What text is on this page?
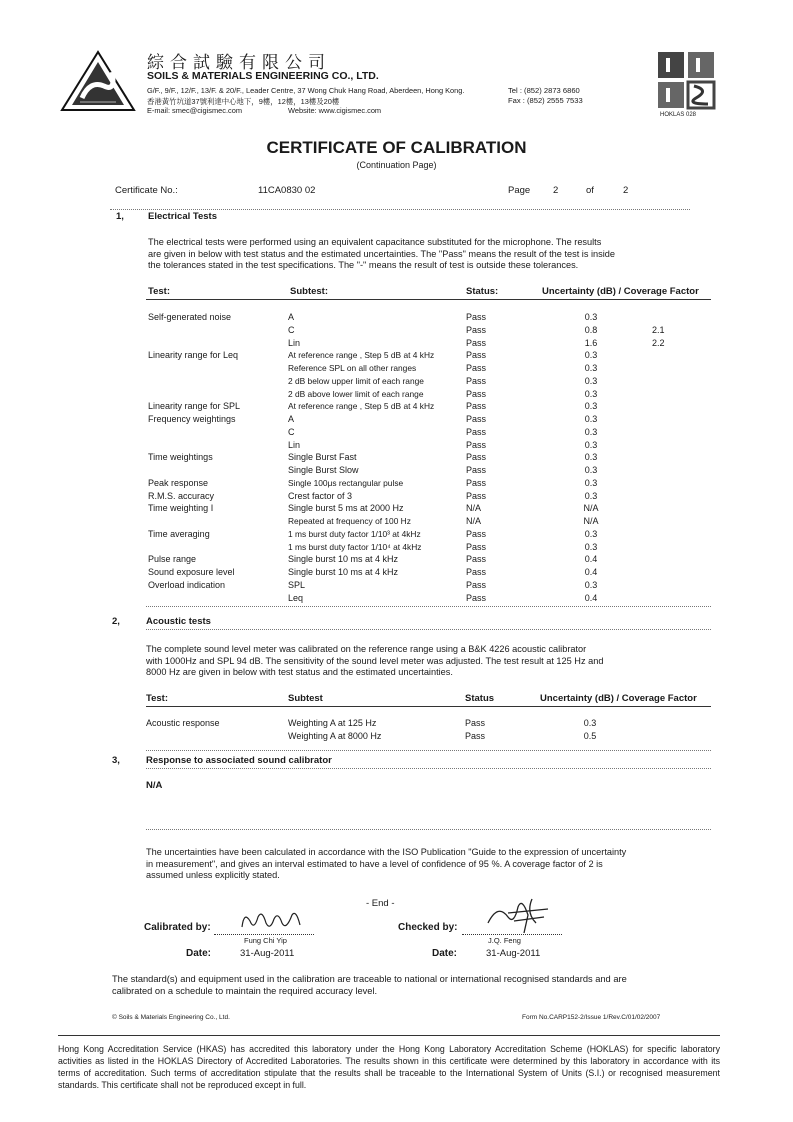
綜合試驗有限公司
SOILS & MATERIALS ENGINEERING CO., LTD.
G/F., 9/F., 12/F., 13/F. & 20/F., Leader Centre, 37 Wong Chuk Hang Road, Aberdeen, Hong Kong.
香港黃竹坑道37號利達中心地下，9樓，12樓，13樓及20樓
E-mail: smec@cigismec.com	Website: www.cigismec.com
Tel : (852) 2873 6860
Fax : (852) 2555 7533
HOKLAS 028
CERTIFICATE OF CALIBRATION
(Continuation Page)
Certificate No.:	11CA0830 02	Page 2	of	2
1,	Electrical Tests
The electrical tests were performed using an equivalent capacitance substituted for the microphone. The results
are given in below with test status and the estimated uncertainties. The "Pass" means the result of the test is inside
the tolerances stated in the test specifications. The "-" means the result of test is outside these tolerances.
Test:	Subtest:	Status:	Uncertainty (dB) / Coverage Factor
Self-generated noise	A	Pass	0.3
C	Pass	0.8	2.1
Lin	Pass	1.6	2.2
Linearity range for Leq	At reference range , Step 5 dB at 4 kHz	Pass	0.3
Reference SPL on all other ranges	Pass	0.3
2 dB below upper limit of each range	Pass	0.3
2 dB above lower limit of each range	Pass	0.3
Linearity range for SPL	At reference range , Step 5 dB at 4 kHz	Pass	0.3
Frequency weightings	A	Pass	0.3
C	Pass	0.3
Lin	Pass	0.3
Time weightings	Single Burst Fast	Pass	0.3
Single Burst Slow	Pass	0.3
Peak response	Single 100μs rectangular pulse	Pass	0.3
R.M.S. accuracy	Crest factor of 3	Pass	0.3
Time weighting I	Single burst 5 ms at 2000 Hz	N/A	N/A
Repeated at frequency of 100 Hz	N/A	N/A
Time averaging	1 ms burst duty factor 1/10³ at 4kHz	Pass	0.3
1 ms burst duty factor 1/10⁴ at 4kHz	Pass	0.3
Pulse range	Single burst 10 ms at 4 kHz	Pass	0.4
Sound exposure level	Single burst 10 ms at 4 kHz	Pass	0.4
Overload indication	SPL	Pass	0.3
Leq	Pass	0.4
2,	Acoustic tests
The complete sound level meter was calibrated on the reference range using a B&K 4226 acoustic calibrator
with 1000Hz and SPL 94 dB. The sensitivity of the sound level meter was adjusted. The test result at 125 Hz and
8000 Hz are given in below with test status and the estimated uncertainties.
Test:	Subtest	Status	Uncertainty (dB) / Coverage Factor
Acoustic response	Weighting A at 125 Hz	Pass	0.3
Weighting A at 8000 Hz	Pass	0.5
3,	Response to associated sound calibrator
N/A
The uncertainties have been calculated in accordance with the ISO Publication "Guide to the expression of uncertainty
in measurement", and gives an interval estimated to have a level of confidence of 95 %. A coverage factor of 2 is
assumed unless explicitly stated.
- End -
Calibrated by:
Fung Chi Yip
Date:	31-Aug-2011
Checked by:
J.Q. Feng
Date:	31-Aug-2011
The standard(s) and equipment used in the calibration are traceable to national or international recognised standards and are
calibrated on a schedule to maintain the required accuracy level.
© Soils & Materials Engineering Co., Ltd.	Form No.CARP152-2/Issue 1/Rev.C/01/02/2007
Hong Kong Accreditation Service (HKAS) has accredited this laboratory under the Hong Kong Laboratory Accreditation Scheme (HOKLAS) for specific laboratory activities as listed in the HOKLAS Directory of Accredited Laboratories. The results shown in this certificate were determined by this laboratory in accordance with its terms of accreditation. Such terms of accreditation stipulate that the results shall be traceable to the International System of Units (S.I.) or recognised measurement standards. This certificate shall not be reproduced except in full.
